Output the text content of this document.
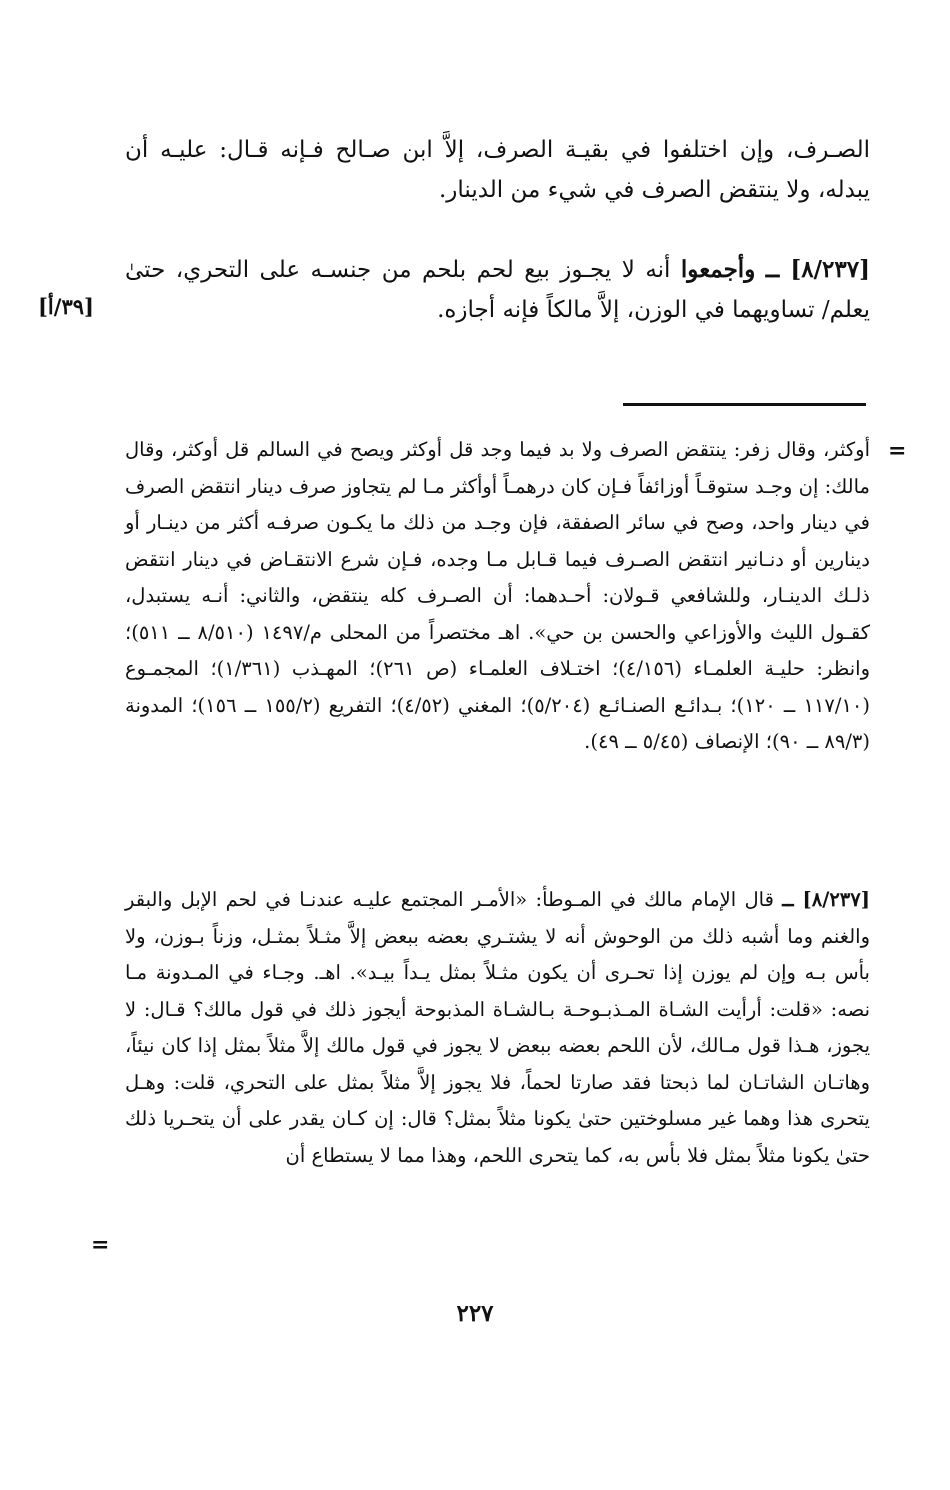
الصـرف، وإن اختلفوا في بقيـة الصرف، إلاَّ ابن صـالح فـإنه قـال: عليـه أن يبدله، ولا ينتقض الصرف في شيء من الدينار.

[٨/٢٣٧] ــ وأجمعوا أنه لا يجـوز بيع لحم بلحم من جنسـه على التحري، حتىٰ يعلم/ تساويهما في الوزن، إلاَّ مالكاً فإنه أجازه.

[٣٩/أ]
=

أوكثر، وقال زفر: ينتقض الصرف ولا بد فيما وجد قل أوكثر ويصح في السالم قل أوكثر، وقال مالك: إن وجـد ستوقـاً أوزائفاً فـإن كان درهمـاً أوأكثر مـا لم يتجاوز صرف دينار انتقض الصرف في دينار واحد، وصح في سائر الصفقة، فإن وجـد من ذلك ما يكـون صرفـه أكثر من دينـار أو دينارين أو دنـانير انتقض الصـرف فيما قـابل مـا وجده، فـإن شرع الانتقـاض في دينار انتقض ذلـك الدينـار، وللشافعي قـولان: أحـدهما: أن الصـرف كله ينتقض، والثاني: أنـه يستبدل، كقـول الليث والأوزاعي والحسن بن حي». اهـ مختصراً من المحلى م/١٤٩٧ (٨/٥١٠ ــ ٥١١)؛ وانظر: حليـة العلمـاء (٤/١٥٦)؛ اختـلاف العلمـاء (ص ٢٦١)؛ المهـذب (١/٣٦١)؛ المجمـوع (١١٧/١٠ ــ ١٢٠)؛ بـدائـع الصنـائـع (٥/٢٠٤)؛ المغني (٤/٥٢)؛ التفريع (١٥٥/٢ ــ ١٥٦)؛ المدونة (٨٩/٣ ــ ٩٠)؛ الإنصاف (٥/٤٥ ــ ٤٩).

[٨/٢٣٧] ــ قال الإمام مالك في المـوطأ: «الأمـر المجتمع عليـه عندنـا في لحم الإبل والبقر والغنم وما أشبه ذلك من الوحوش أنه لا يشتـري بعضه ببعض إلاَّ مثـلاً بمثـل، وزناً بـوزن، ولا بأس بـه وإن لم يوزن إذا تحـرى أن يكون مثـلاً بمثل يـداً بيـد». اهـ. وجـاء في المـدونة مـا نصه: «قلت: أرأيت الشـاة المـذبـوحـة بـالشـاة المذبوحة أيجوز ذلك في قول مالك؟ قـال: لا يجوز، هـذا قول مـالك، لأن اللحم بعضه ببعض لا يجوز في قول مالك إلاَّ مثلاً بمثل إذا كان نيئاً، وهاتـان الشاتـان لما ذبحتا فقد صارتا لحماً، فلا يجوز إلاَّ مثلاً بمثل على التحري، قلت: وهـل يتحرى هذا وهما غير مسلوختين حتىٰ يكونا مثلاً بمثل؟ قال: إن كـان يقدر على أن يتحـريا ذلك حتىٰ يكونا مثلاً بمثل فلا بأس به، كما يتحرى اللحم، وهذا مما لا يستطاع أن

=
٢٢٧
